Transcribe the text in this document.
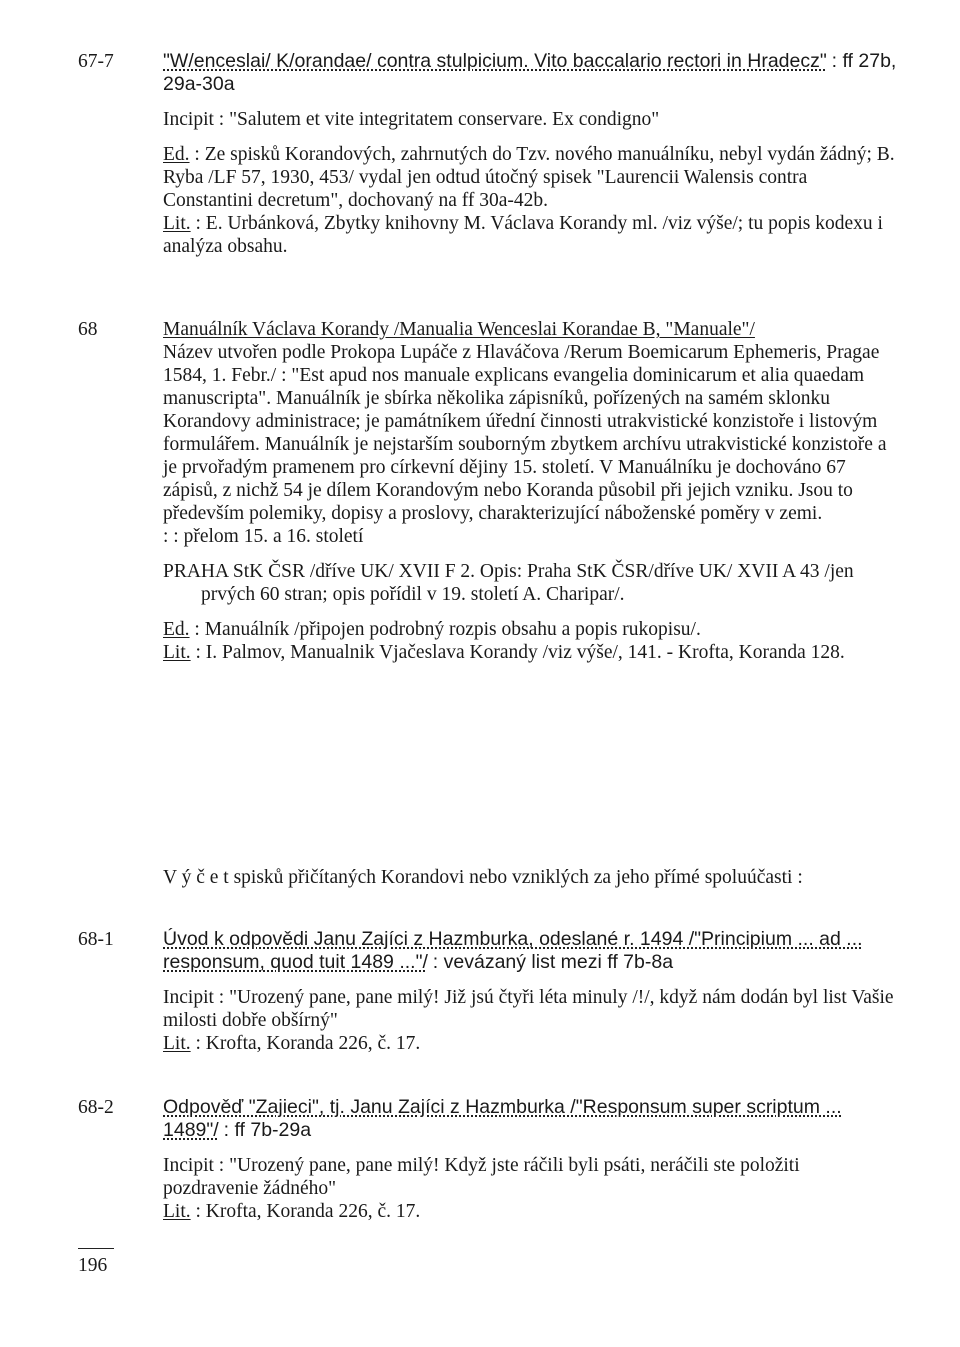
67-7	"W/enceslai/ K/orandae/ contra stulpicium. Vito baccalario rectori in Hradecz" : ff 27b, 29a-30a

Incipit : "Salutem et vite integritatem conservare. Ex condigno"

Ed. : Ze spisků Korandových, zahrnutých do Tzv. nového manuálníku, nebyl vydán žádný; B. Ryba /LF 57, 1930, 453/ vydal jen odtud útočný spisek "Laurencii Walensis contra Constantini decretum", dochovaný na ff 30a-42b.

Lit. : E. Urbánková, Zbytky knihovny M. Václava Korandy ml. /viz výše/; tu popis kodexu i analýza obsahu.

68	Manuálník Václava Korandy /Manualia Wenceslai Korandae B, "Manuale"/

Název utvořen podle Prokopa Lupáče z Hlaváčova /Rerum Boemicarum Ephemeris, Pragae 1584, 1. Febr./ : "Est apud nos manuale explicans evangelia dominicarum et alia quaedam manuscripta". Manuálník je sbírka několika zápisníků, pořízených na samém sklonku Korandovy administrace; je památníkem úřední činnosti utrakvistické konzistoře i listovým formulářem. Manuálník je nejstarším souborným zbytkem archívu utrakvistické konzistoře a je prvořadým pramenem pro církevní dějiny 15. století. V Manuálníku je dochováno 67 zápisů, z nichž 54 je dílem Korandovým nebo Koranda působil při jejich vzniku. Jsou to především polemiky, dopisy a proslovy, charakterizující náboženské poměry v zemi.

: : přelom 15. a 16. století

PRAHA StK ČSR /dříve UK/ XVII F 2. Opis: Praha StK ČSR/dříve UK/ XVII A 43 /jen prvých 60 stran; opis pořídil v 19. století A. Charipar/.

Ed. : Manuálník /připojen podrobný rozpis obsahu a popis rukopisu/.

Lit. : I. Palmov, Manualnik Vjačeslava Korandy /viz výše/, 141. - Krofta, Koranda 128.

V ý č e t spisků přičítaných Korandovi nebo vzniklých za jeho přímé spoluúčasti :

68-1	Úvod k odpovědi Janu Zajíci z Hazmburka, odeslané r. 1494 /"Principium ... ad ... responsum, quod tuit 1489 ..."/ : vevázaný list mezi ff 7b-8a

Incipit : "Urozený pane, pane milý! Již jsú čtyři léta minuly /!/, když nám dodán byl list Vašie milosti dobře obšírný"

Lit. : Krofta, Koranda 226, č. 17.

68-2	Odpověď "Zajieci", tj. Janu Zajíci z Hazmburka /"Responsum super scriptum ... 1489"/ : ff 7b-29a

Incipit : "Urozený pane, pane milý! Když jste ráčili byli psáti, neráčili ste položiti pozdravenie žádného"

Lit. : Krofta, Koranda 226, č. 17.

196
